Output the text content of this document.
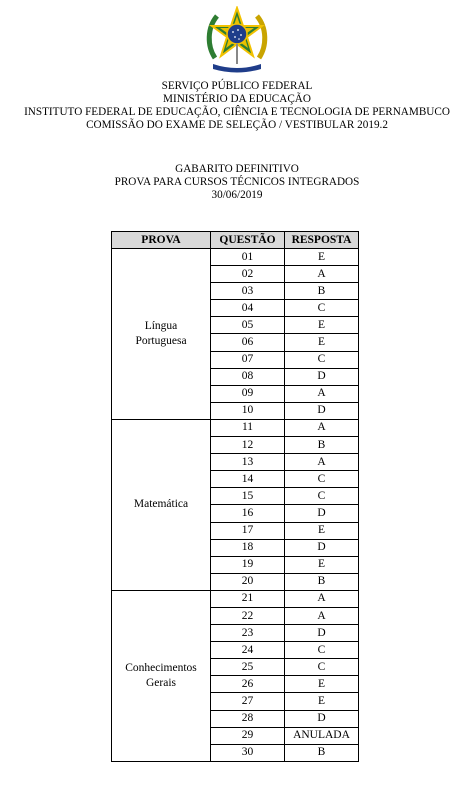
SERVIÇO PÚBLICO FEDERAL
MINISTÉRIO DA EDUCAÇÃO
INSTITUTO FEDERAL DE EDUCAÇÃO, CIÊNCIA E TECNOLOGIA DE PERNAMBUCO
COMISSÃO DO EXAME DE SELEÇÃO / VESTIBULAR 2019.2
GABARITO DEFINITIVO
PROVA PARA CURSOS TÉCNICOS INTEGRADOS
30/06/2019
PROVA	QUESTÃO	RESPOSTA

Língua
Portuguesa	01	E
	02	A
	03	B
	04	C
	05	E
	06	E
	07	C
	08	D
	09	A
	10	D

Matemática	11	A
	12	B
	13	A
	14	C
	15	C
	16	D
	17	E
	18	D
	19	E
	20	B

Conhecimentos
Gerais	21	A
	22	A
	23	D
	24	C
	25	C
	26	E
	27	E
	28	D
	29	ANULADA
	30	B
